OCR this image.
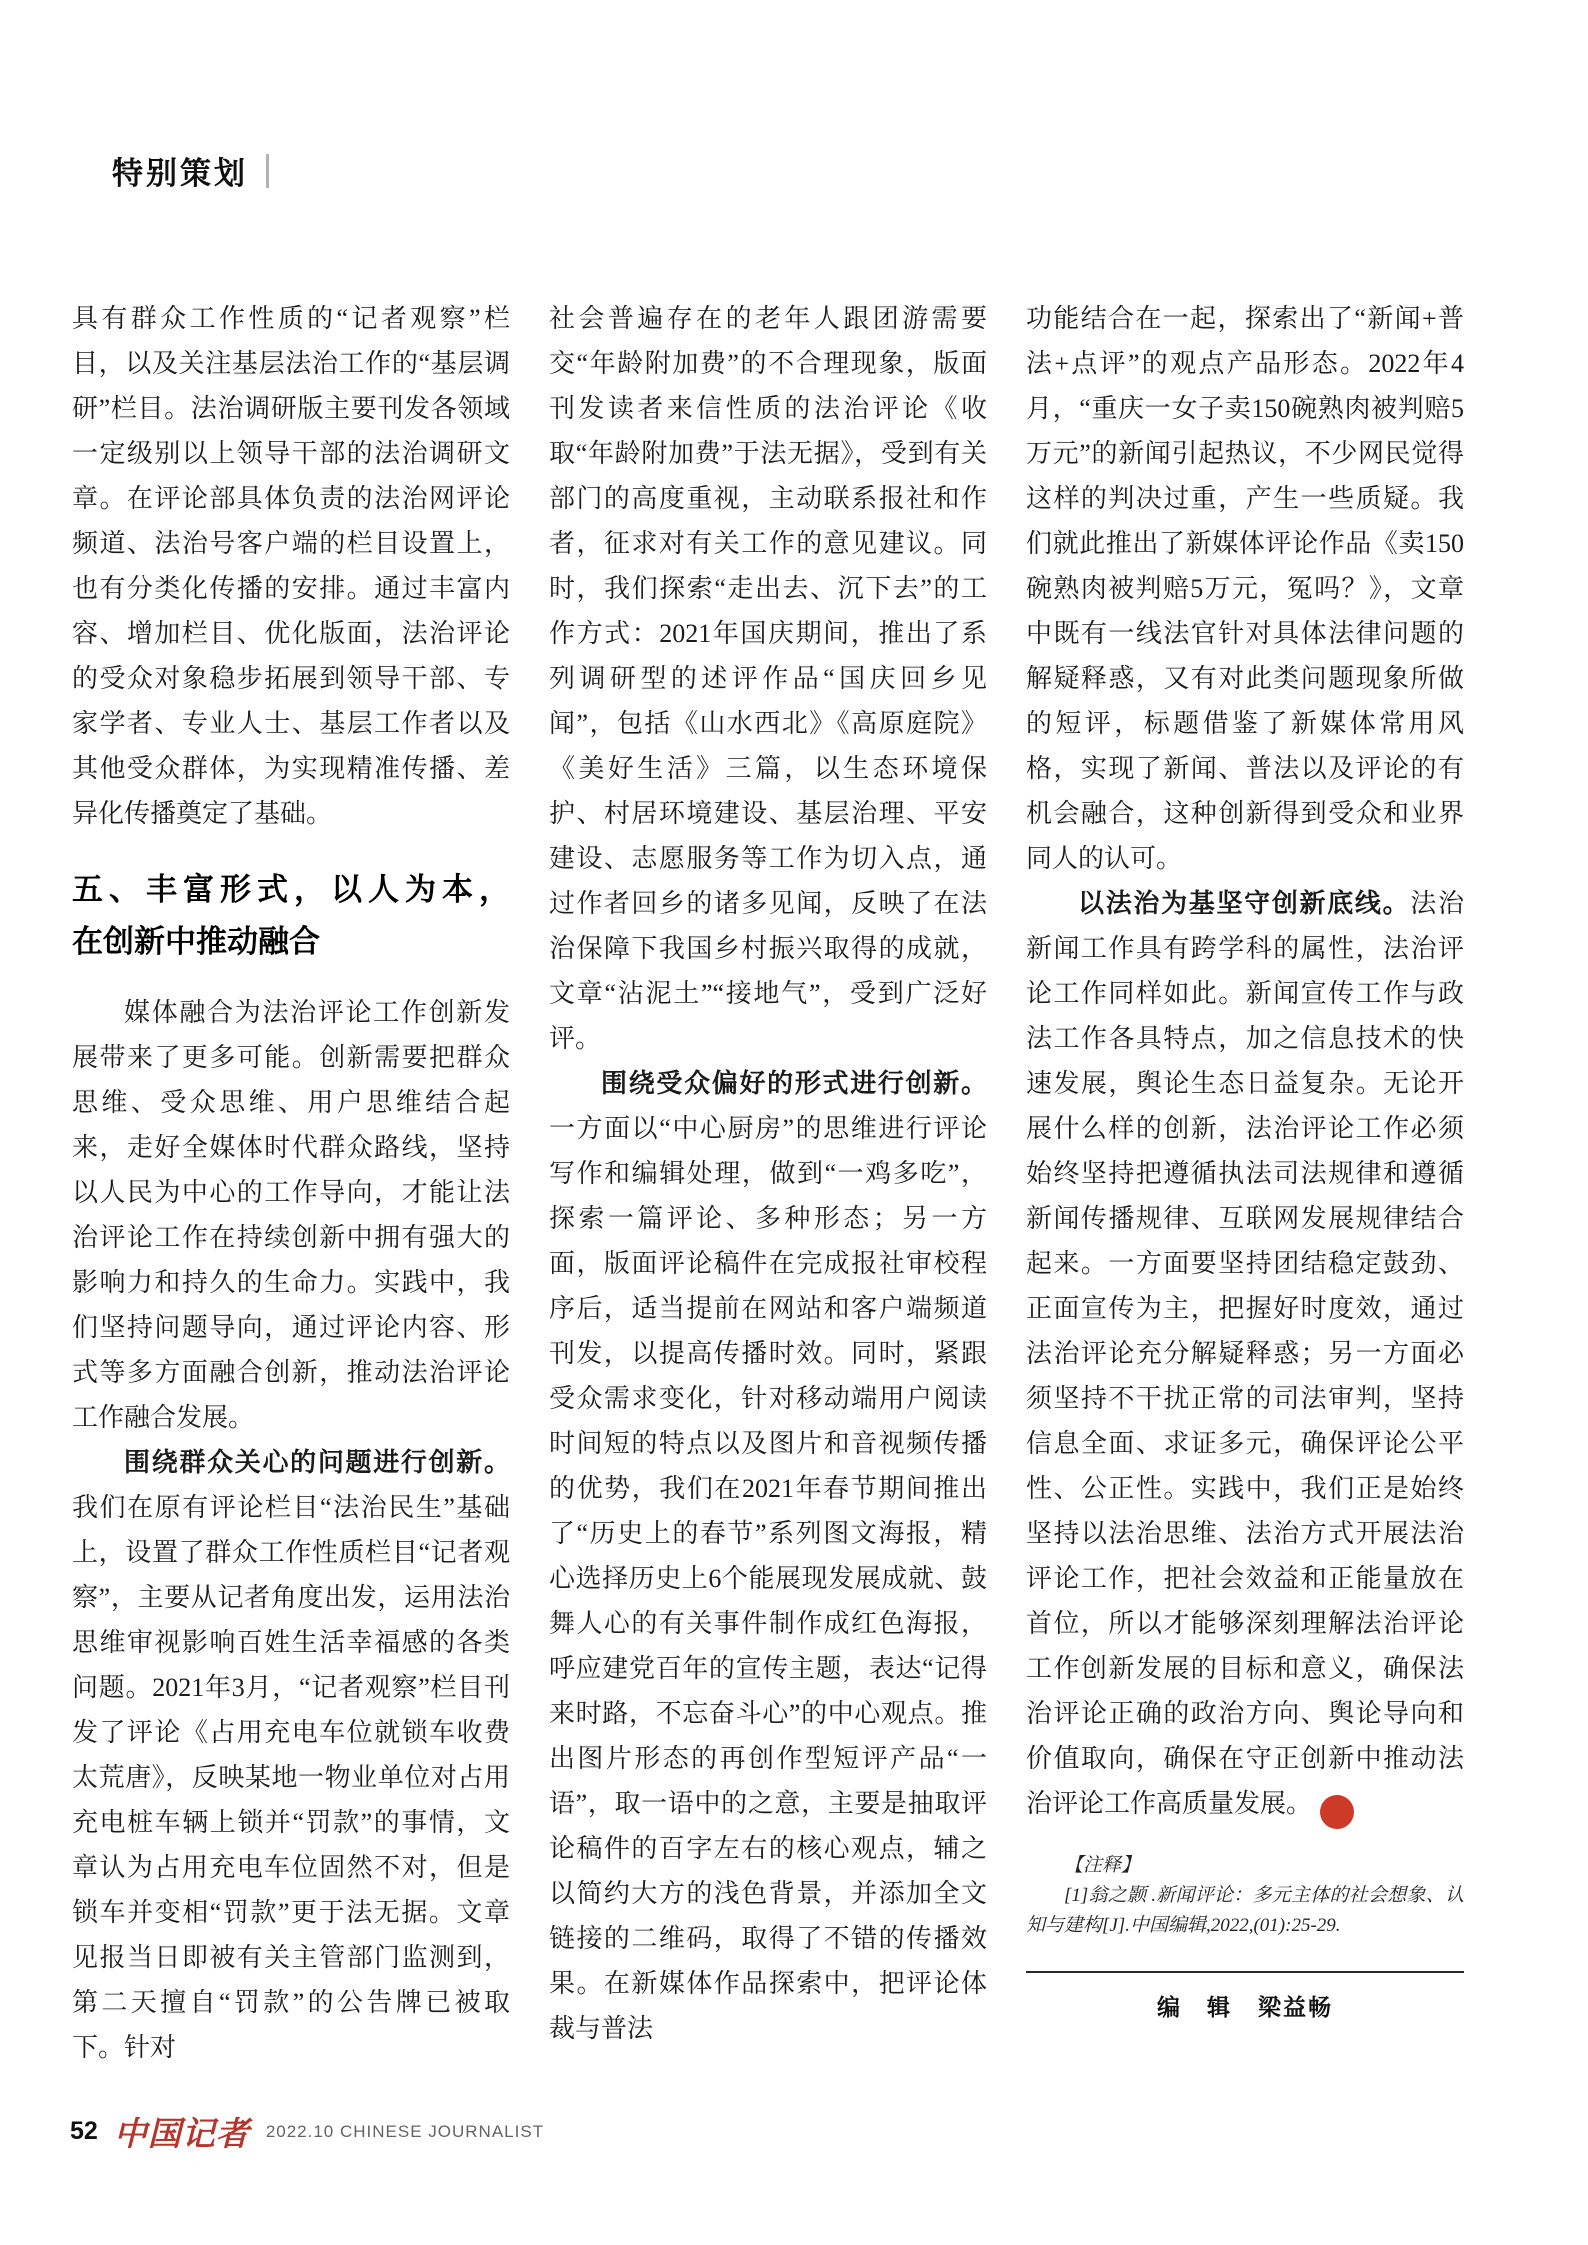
特别策划

具有群众工作性质的“记者观察”栏目，以及关注基层法治工作的“基层调研”栏目。法治调研版主要刊发各领域一定级别以上领导干部的法治调研文章。在评论部具体负责的法治网评论频道、法治号客户端的栏目设置上，也有分类化传播的安排。通过丰富内容、增加栏目、优化版面，法治评论的受众对象稳步拓展到领导干部、专家学者、专业人士、基层工作者以及其他受众群体，为实现精准传播、差异化传播奠定了基础。

五、丰富形式，以人为本，
在创新中推动融合

媒体融合为法治评论工作创新发展带来了更多可能。创新需要把群众思维、受众思维、用户思维结合起来，走好全媒体时代群众路线，坚持以人民为中心的工作导向，才能让法治评论工作在持续创新中拥有强大的影响力和持久的生命力。实践中，我们坚持问题导向，通过评论内容、形式等多方面融合创新，推动法治评论工作融合发展。

围绕群众关心的问题进行创新。我们在原有评论栏目“法治民生”基础上，设置了群众工作性质栏目“记者观察”，主要从记者角度出发，运用法治思维审视影响百姓生活幸福感的各类问题。2021年3月，“记者观察”栏目刊发了评论《占用充电车位就锁车收费太荒唐》，反映某地一物业单位对占用充电桩车辆上锁并“罚款”的事情，文章认为占用充电车位固然不对，但是锁车并变相“罚款”更于法无据。文章见报当日即被有关主管部门监测到，第二天擅自“罚款”的公告牌已被取下。针对

社会普遍存在的老年人跟团游需要交“年龄附加费”的不合理现象，版面刊发读者来信性质的法治评论《收取“年龄附加费”于法无据》，受到有关部门的高度重视，主动联系报社和作者，征求对有关工作的意见建议。同时，我们探索“走出去、沉下去”的工作方式：2021年国庆期间，推出了系列调研型的述评作品“国庆回乡见闻”，包括《山水西北》《高原庭院》《美好生活》三篇，以生态环境保护、村居环境建设、基层治理、平安建设、志愿服务等工作为切入点，通过作者回乡的诸多见闻，反映了在法治保障下我国乡村振兴取得的成就，文章“沾泥土”“接地气”，受到广泛好评。

围绕受众偏好的形式进行创新。一方面以“中心厨房”的思维进行评论写作和编辑处理，做到“一鸡多吃”，探索一篇评论、多种形态；另一方面，版面评论稿件在完成报社审校程序后，适当提前在网站和客户端频道刊发，以提高传播时效。同时，紧跟受众需求变化，针对移动端用户阅读时间短的特点以及图片和音视频传播的优势，我们在2021年春节期间推出了“历史上的春节”系列图文海报，精心选择历史上6个能展现发展成就、鼓舞人心的有关事件制作成红色海报，呼应建党百年的宣传主题，表达“记得来时路，不忘奋斗心”的中心观点。推出图片形态的再创作型短评产品“一语”，取一语中的之意，主要是抽取评论稿件的百字左右的核心观点，辅之以简约大方的浅色背景，并添加全文链接的二维码，取得了不错的传播效果。在新媒体作品探索中，把评论体裁与普法

功能结合在一起，探索出了“新闻+普法+点评”的观点产品形态。2022年4月，“重庆一女子卖150碗熟肉被判赔5万元”的新闻引起热议，不少网民觉得这样的判决过重，产生一些质疑。我们就此推出了新媒体评论作品《卖150碗熟肉被判赔5万元，冤吗？》，文章中既有一线法官针对具体法律问题的解疑释惑，又有对此类问题现象所做的短评，标题借鉴了新媒体常用风格，实现了新闻、普法以及评论的有机会融合，这种创新得到受众和业界同人的认可。

以法治为基坚守创新底线。法治新闻工作具有跨学科的属性，法治评论工作同样如此。新闻宣传工作与政法工作各具特点，加之信息技术的快速发展，舆论生态日益复杂。无论开展什么样的创新，法治评论工作必须始终坚持把遵循执法司法规律和遵循新闻传播规律、互联网发展规律结合起来。一方面要坚持团结稳定鼓劲、正面宣传为主，把握好时度效，通过法治评论充分解疑释惑；另一方面必须坚持不干扰正常的司法审判，坚持信息全面、求证多元，确保评论公平性、公正性。实践中，我们正是始终坚持以法治思维、法治方式开展法治评论工作，把社会效益和正能量放在首位，所以才能够深刻理解法治评论工作创新发展的目标和意义，确保法治评论正确的政治方向、舆论导向和价值取向，确保在守正创新中推动法治评论工作高质量发展。	记

【注释】

[1]翁之颢 .新闻评论：多元主体的社会想象、认知与建构[J].中国编辑,2022,(01):25-29.

编　辑 梁益畅
52 中国记者 2022.10 CHINESE JOURNALIST
